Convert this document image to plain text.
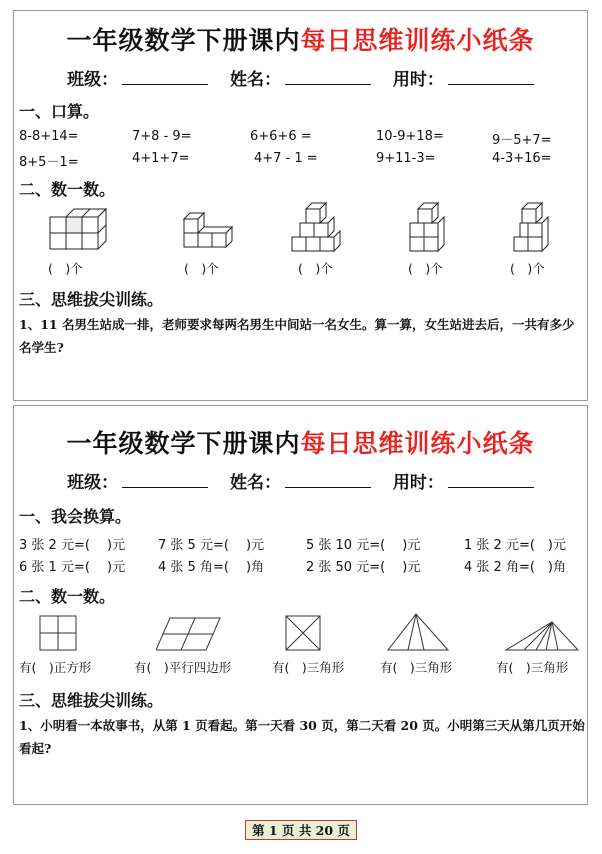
一年级数学下册课内每日思维训练小纸条
班级：	姓名：	用时：
一、口算。
8-8+14=	7+8 - 9=	6+6+6 =	10-9+18=	9－5+7=
8+5－1=	4+1+7=	4+7 - 1 =	9+11-3=	4-3+16=
二、数一数。
(　)个	(　)个	(　)个	(　)个	(　)个
三、思维拔尖训练。
1、11 名男生站成一排，老师要求每两名男生中间站一名女生。算一算，女生站进去后，一共有多少名学生?
一年级数学下册课内每日思维训练小纸条
班级：	姓名：	用时：
一、我会换算。
3 张 2 元=(　 )元	7 张 5 元=(　 )元	5 张 10 元=(　 )元	1 张 2 元=(　)元
6 张 1 元=(　 )元	4 张 5 角=(　 )角	2 张 50 元=(　 )元	4 张 2 角=(　)角
二、数一数。
有(　)正方形	有(　)平行四边形	有(　)三角形	有(　)三角形	有(　)三角形
三、思维拔尖训练。
1、小明看一本故事书，从第 1 页看起。第一天看 30 页，第二天看 20 页。小明第三天从第几页开始看起?
第 1 页 共 20 页
